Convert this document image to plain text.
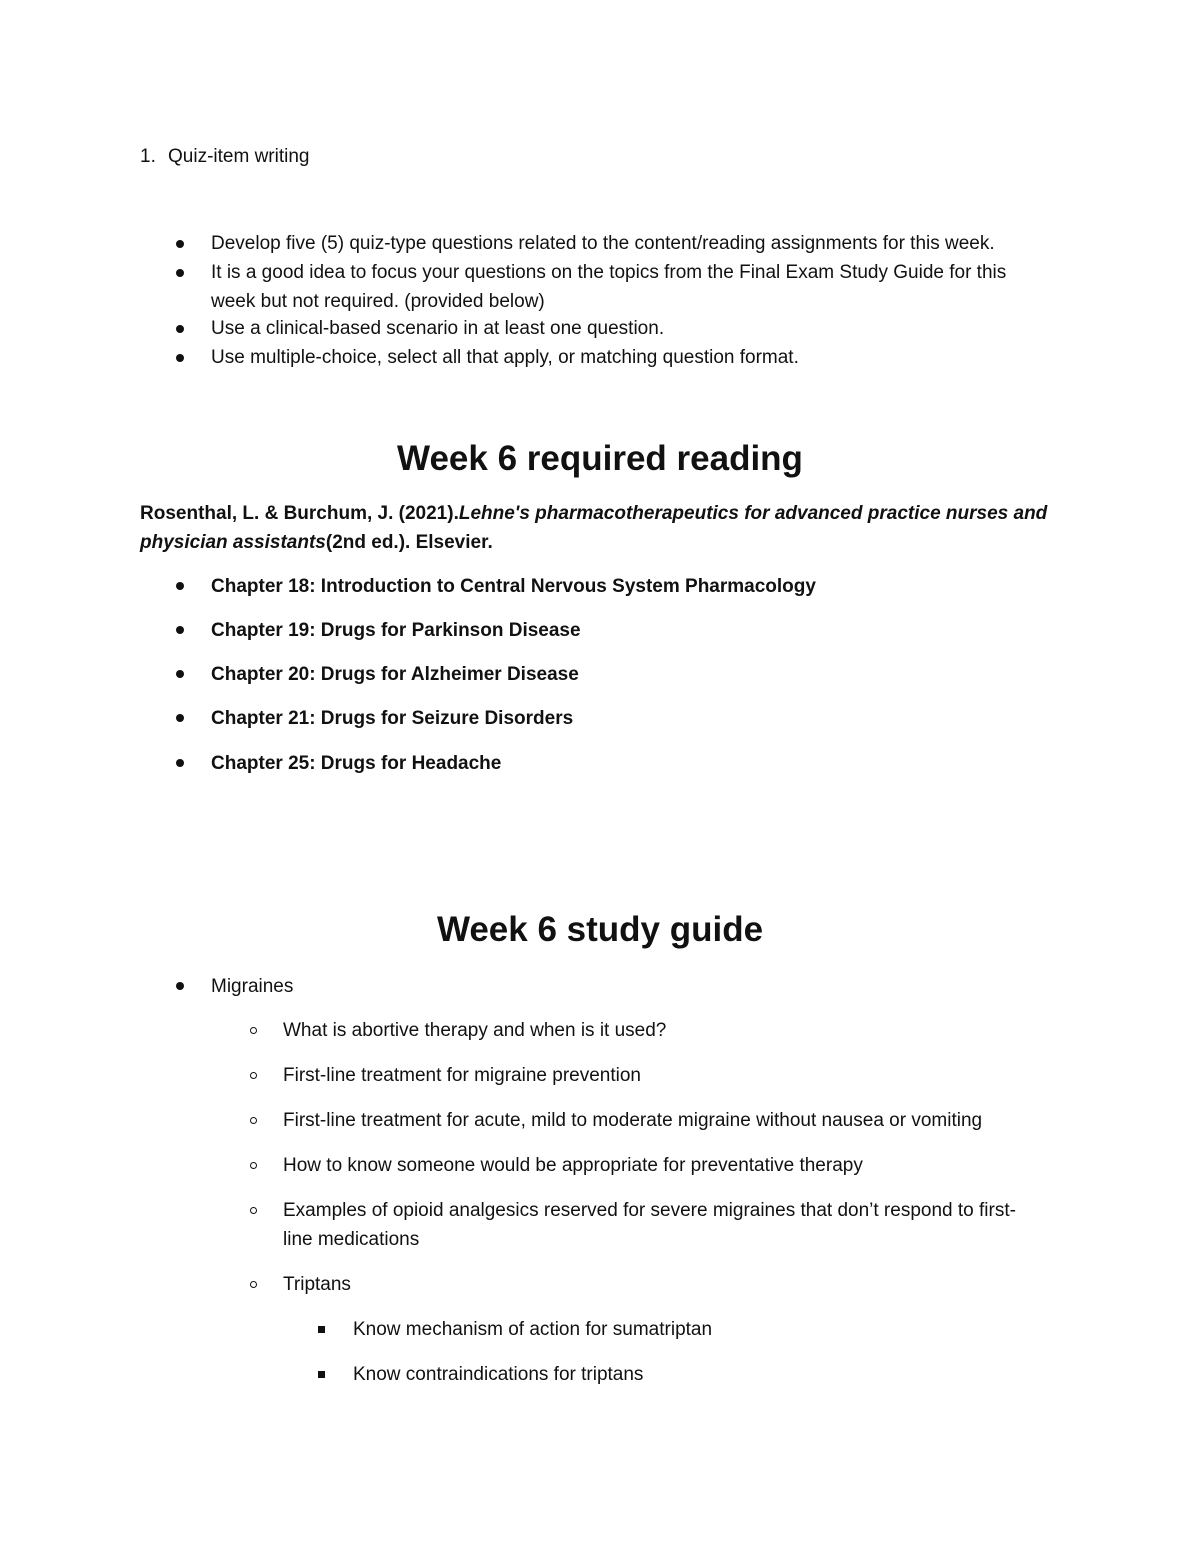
1. Quiz-item writing
Develop five (5) quiz-type questions related to the content/reading assignments for this week.
It is a good idea to focus your questions on the topics from the Final Exam Study Guide for this
week but not required. (provided below)
Use a clinical-based scenario in at least one question.
Use multiple-choice, select all that apply, or matching question format.
Week 6 required reading
Rosenthal, L. & Burchum, J. (2021).Lehne's pharmacotherapeutics for advanced practice nurses and
physician assistants(2nd ed.). Elsevier.
Chapter 18: Introduction to Central Nervous System Pharmacology
Chapter 19: Drugs for Parkinson Disease
Chapter 20: Drugs for Alzheimer Disease
Chapter 21: Drugs for Seizure Disorders
Chapter 25: Drugs for Headache
Week 6 study guide
Migraines
What is abortive therapy and when is it used?
First-line treatment for migraine prevention
First-line treatment for acute, mild to moderate migraine without nausea or vomiting
How to know someone would be appropriate for preventative therapy
Examples of opioid analgesics reserved for severe migraines that don’t respond to first-
line medications
Triptans
Know mechanism of action for sumatriptan
Know contraindications for triptans
